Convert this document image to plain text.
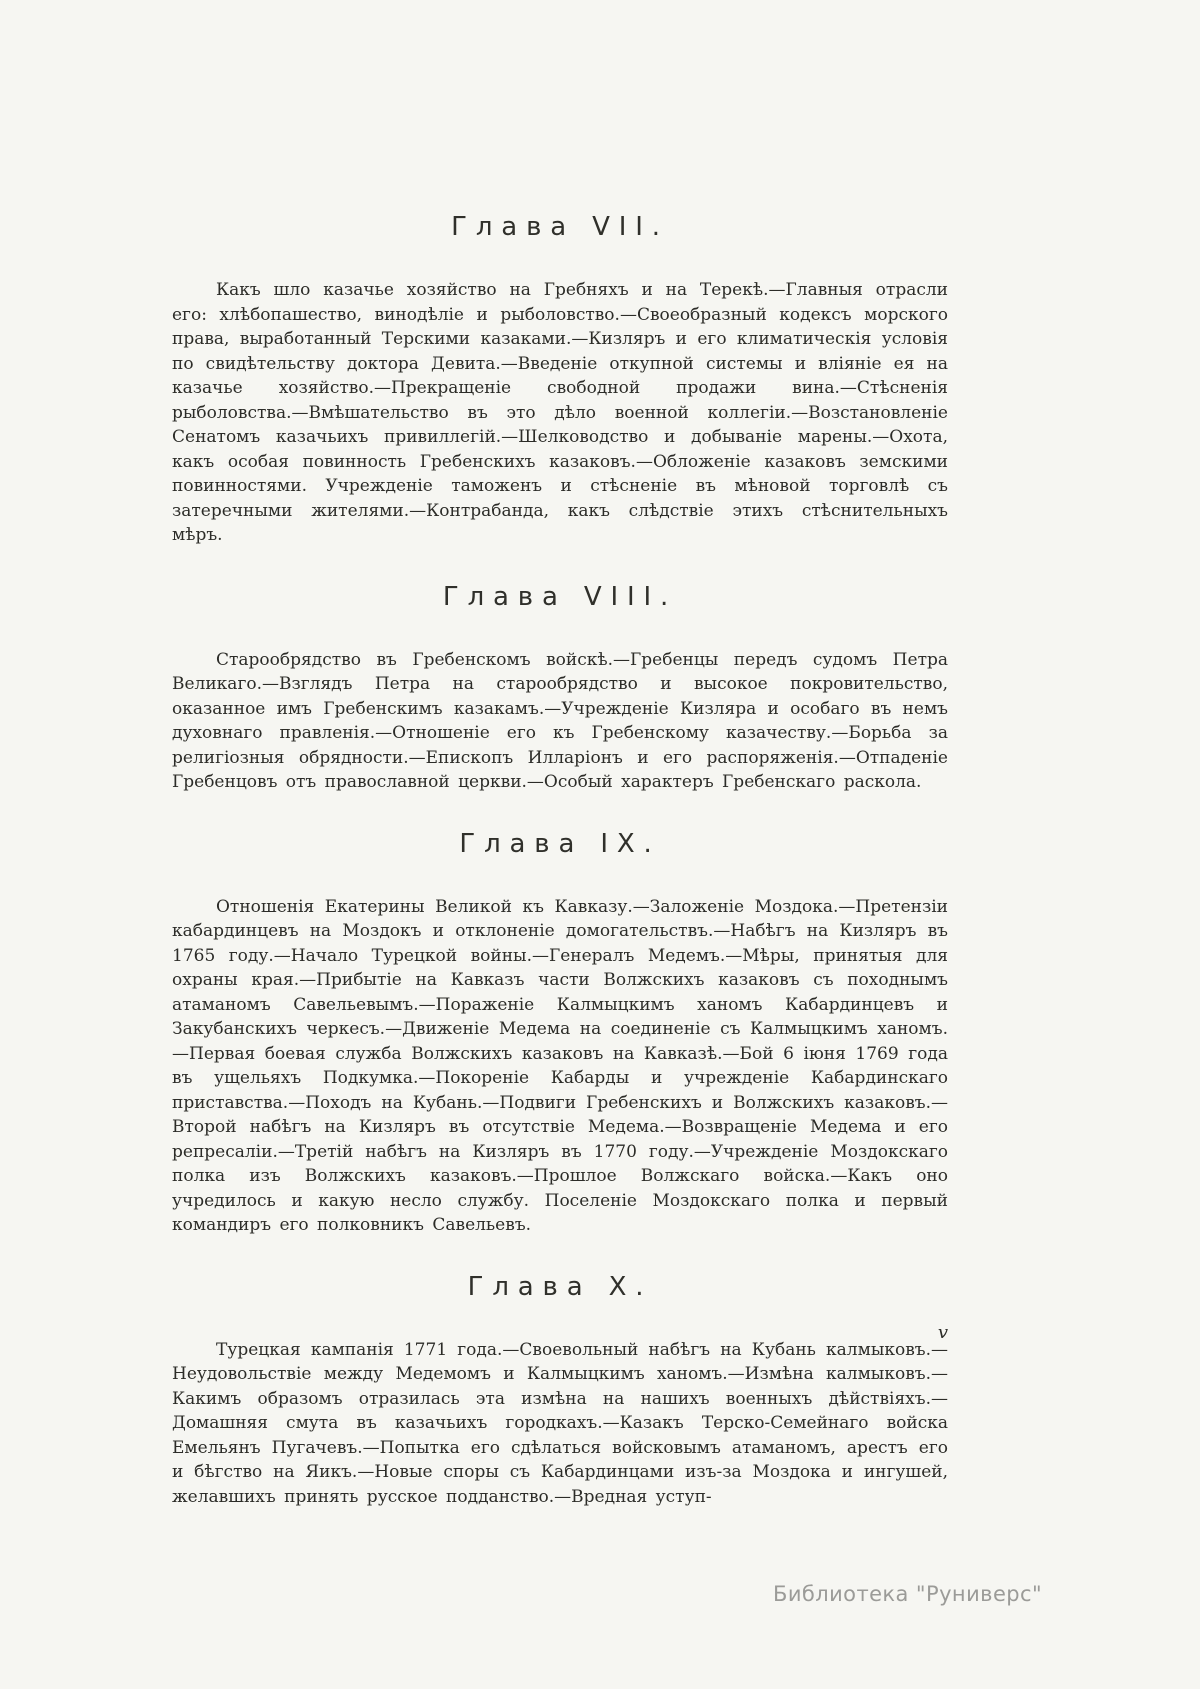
Глава VII.

Какъ шло казачье хозяйство на Гребняхъ и на Терекѣ.—Главныя отрасли его: хлѣбопашество, винодѣліе и рыболовство.—Своеобразный кодексъ морского права, выработанный Терскими казаками.—Кизляръ и его климатическія условія по свидѣтельству доктора Девита.—Введеніе откупной системы и вліяніе ея на казачье хозяйство.—Прекращеніе свободной продажи вина.—Стѣсненія рыболовства.—Вмѣшательство въ это дѣло военной коллегіи.—Возстановленіе Сенатомъ казачьихъ привиллегій.—Шелководство и добываніе марены.—Охота, какъ особая повинность Гребенскихъ казаковъ.—Обложеніе казаковъ земскими повинностями. Учрежденіе таможенъ и стѣсненіе въ мѣновой торговлѣ съ затеречными жителями.—Контрабанда, какъ слѣдствіе этихъ стѣснительныхъ мѣръ.

Глава VIII.

Старообрядство въ Гребенскомъ войскѣ.—Гребенцы передъ судомъ Петра Великаго.—Взглядъ Петра на старообрядство и высокое покровительство, оказанное имъ Гребенскимъ казакамъ.—Учрежденіе Кизляра и особаго въ немъ духовнаго правленія.—Отношеніе его къ Гребенскому казачеству.—Борьба за религіозныя обрядности.—Епископъ Илларіонъ и его распоряженія.—Отпаденіе Гребенцовъ отъ православной церкви.—Особый характеръ Гребенскаго раскола.

Глава IX.

Отношенія Екатерины Великой къ Кавказу.—Заложеніе Моздока.—Претензіи кабардинцевъ на Моздокъ и отклоненіе домогательствъ.—Набѣгъ на Кизляръ въ 1765 году.—Начало Турецкой войны.—Генералъ Медемъ.—Мѣры, принятыя для охраны края.—Прибытіе на Кавказъ части Волжскихъ казаковъ съ походнымъ атаманомъ Савельевымъ.—Пораженіе Калмыцкимъ ханомъ Кабардинцевъ и Закубанскихъ черкесъ.—Движеніе Медема на соединеніе съ Калмыцкимъ ханомъ.—Первая боевая служба Волжскихъ казаковъ на Кавказѣ.—Бой 6 іюня 1769 года въ ущельяхъ Подкумка.—Покореніе Кабарды и учрежденіе Кабардинскаго приставства.—Походъ на Кубань.—Подвиги Гребенскихъ и Волжскихъ казаковъ.—Второй набѣгъ на Кизляръ въ отсутствіе Медема.—Возвращеніе Медема и его репресаліи.—Третій набѣгъ на Кизляръ въ 1770 году.—Учрежденіе Моздокскаго полка изъ Волжскихъ казаковъ.—Прошлое Волжскаго войска.—Какъ оно учредилось и какую несло службу. Поселеніе Моздокскаго полка и первый командиръ его полковникъ Савельевъ.

Глава X.

Турецкая кампанія 1771 года.—Своевольный набѣгъ на Кубань калмыковъ.—Неудовольствіе между Медемомъ и Калмыцкимъ ханомъ.—Измѣна калмыковъ.—Какимъ образомъ отразилась эта измѣна на нашихъ военныхъ дѣйствіяхъ.—Домашняя смута въ казачьихъ городкахъ.—Казакъ Терско-Семейнаго войска Емельянъ Пугачевъ.—Попытка его сдѣлаться войсковымъ атаманомъ, арестъ его и бѣгство на Яикъ.—Новые споры съ Кабардинцами изъ-за Моздока и ингушей, желавшихъ принять русское подданство.—Вредная уступ-

v
Библиотека "Руниверс"
